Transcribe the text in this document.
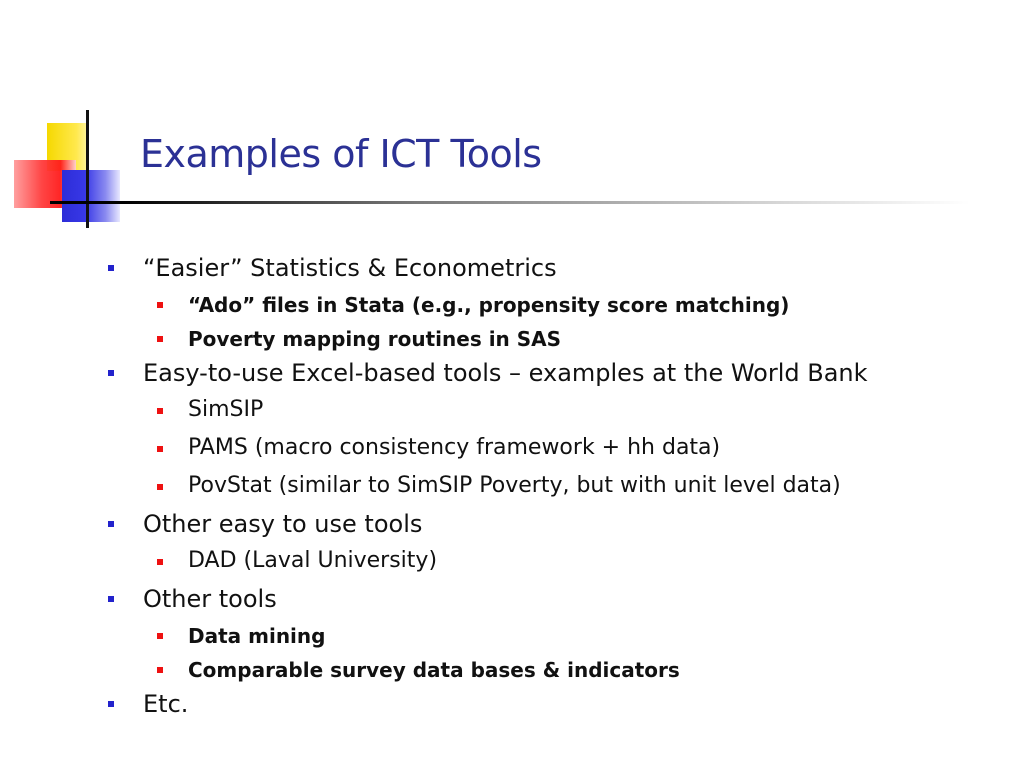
Examples of ICT Tools
“Easier” Statistics & Econometrics
“Ado” files in Stata (e.g., propensity score matching)
Poverty mapping routines in SAS
Easy-to-use Excel-based tools – examples at the World Bank
SimSIP
PAMS (macro consistency framework + hh data)
PovStat (similar to SimSIP Poverty, but with unit level data)
Other easy to use tools
DAD (Laval University)
Other tools
Data mining
Comparable survey data bases & indicators
Etc.
